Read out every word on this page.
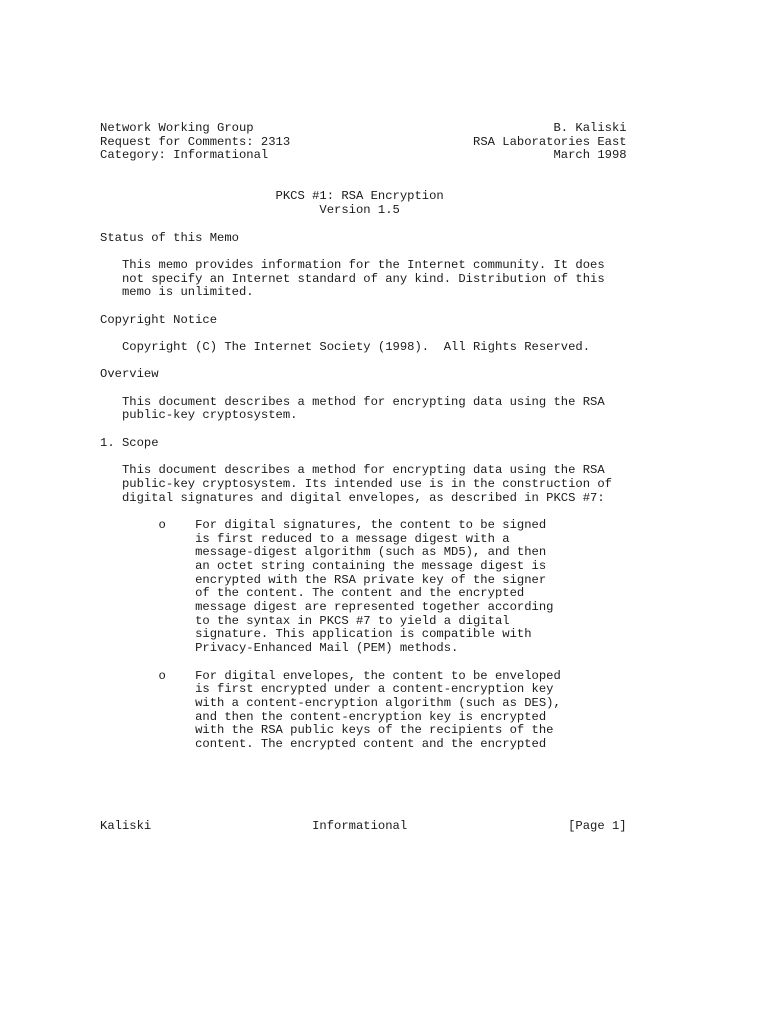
Network Working Group	B. Kaliski
Request for Comments: 2313	RSA Laboratories East
Category: Informational	March 1998
PKCS #1: RSA Encryption
Version 1.5
Status of this Memo
This memo provides information for the Internet community. It does
not specify an Internet standard of any kind. Distribution of this
memo is unlimited.
Copyright Notice
Copyright (C) The Internet Society (1998).  All Rights Reserved.
Overview
This document describes a method for encrypting data using the RSA
public-key cryptosystem.
1. Scope
This document describes a method for encrypting data using the RSA
public-key cryptosystem. Its intended use is in the construction of
digital signatures and digital envelopes, as described in PKCS #7:
o    For digital signatures, the content to be signed
is first reduced to a message digest with a
message-digest algorithm (such as MD5), and then
an octet string containing the message digest is
encrypted with the RSA private key of the signer
of the content. The content and the encrypted
message digest are represented together according
to the syntax in PKCS #7 to yield a digital
signature. This application is compatible with
Privacy-Enhanced Mail (PEM) methods.
o    For digital envelopes, the content to be enveloped
is first encrypted under a content-encryption key
with a content-encryption algorithm (such as DES),
and then the content-encryption key is encrypted
with the RSA public keys of the recipients of the
content. The encrypted content and the encrypted
Kaliski	Informational	[Page 1]
